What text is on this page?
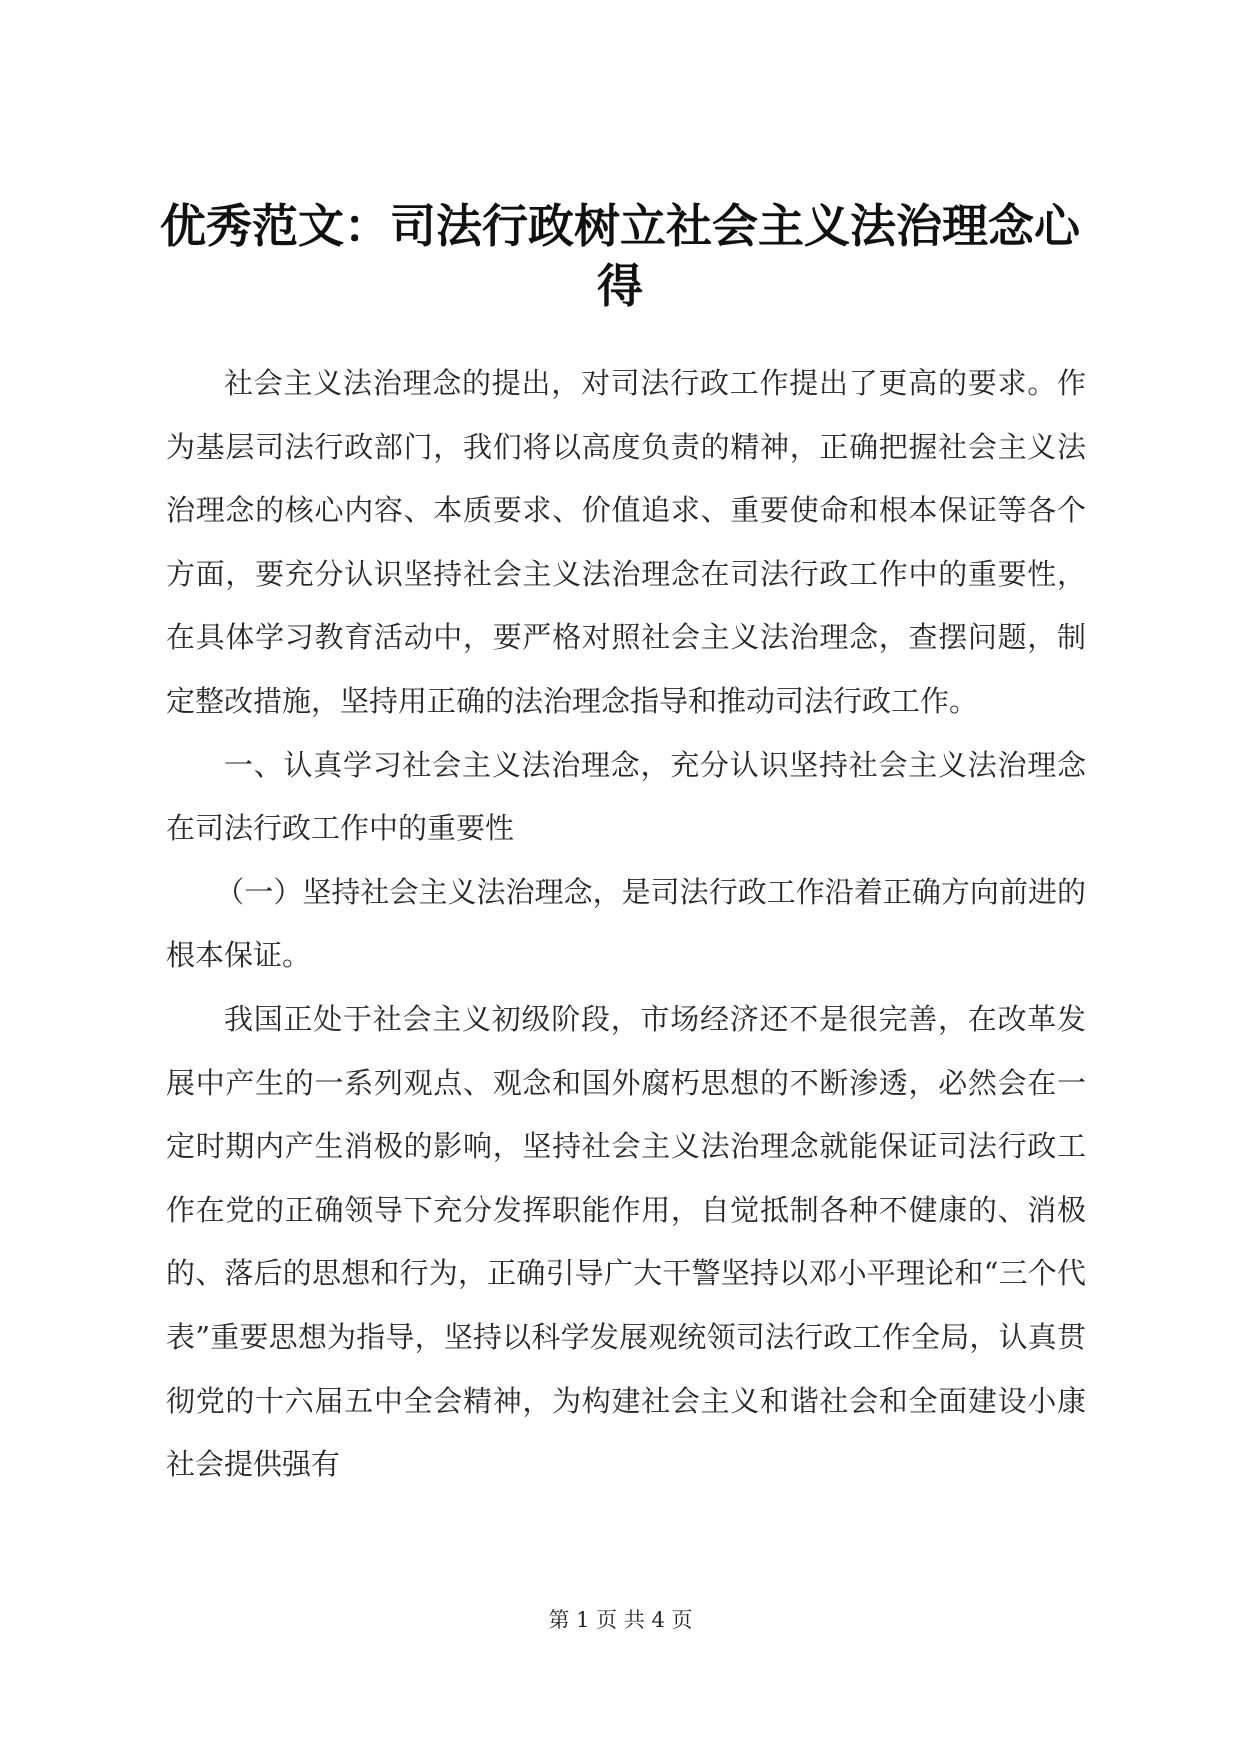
优秀范文：司法行政树立社会主义法治理念心得

社会主义法治理念的提出，对司法行政工作提出了更高的要求。作为基层司法行政部门，我们将以高度负责的精神，正确把握社会主义法治理念的核心内容、本质要求、价值追求、重要使命和根本保证等各个方面，要充分认识坚持社会主义法治理念在司法行政工作中的重要性，在具体学习教育活动中，要严格对照社会主义法治理念，查摆问题，制定整改措施，坚持用正确的法治理念指导和推动司法行政工作。

一、认真学习社会主义法治理念，充分认识坚持社会主义法治理念在司法行政工作中的重要性

（一）坚持社会主义法治理念，是司法行政工作沿着正确方向前进的根本保证。

我国正处于社会主义初级阶段，市场经济还不是很完善，在改革发展中产生的一系列观点、观念和国外腐朽思想的不断渗透，必然会在一定时期内产生消极的影响，坚持社会主义法治理念就能保证司法行政工作在党的正确领导下充分发挥职能作用，自觉抵制各种不健康的、消极的、落后的思想和行为，正确引导广大干警坚持以邓小平理论和“三个代表”重要思想为指导，坚持以科学发展观统领司法行政工作全局，认真贯彻党的十六届五中全会精神，为构建社会主义和谐社会和全面建设小康社会提供强有

第 1 页 共 4 页
